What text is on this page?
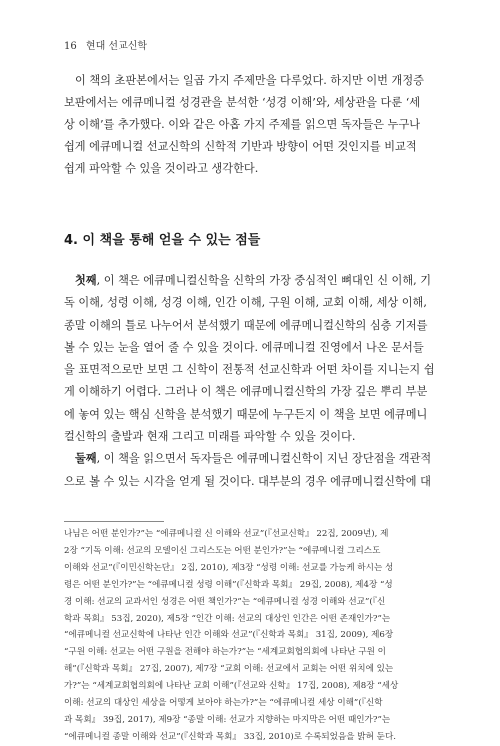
16 현대 선교신학
이 책의 초판본에서는 일곱 가지 주제만을 다루었다. 하지만 이번 개정증
보판에서는 에큐메니컬 성경관을 분석한 ‘성경 이해’와, 세상관을 다룬 ‘세
상 이해’를 추가했다. 이와 같은 아홉 가지 주제를 읽으면 독자들은 누구나
쉽게 에큐메니컬 선교신학의 신학적 기반과 방향이 어떤 것인지를 비교적
쉽게 파악할 수 있을 것이라고 생각한다.
4. 이 책을 통해 얻을 수 있는 점들
첫째, 이 책은 에큐메니컬신학을 신학의 가장 중심적인 뼈대인 신 이해, 기
독 이해, 성령 이해, 성경 이해, 인간 이해, 구원 이해, 교회 이해, 세상 이해,
종말 이해의 틀로 나누어서 분석했기 때문에 에큐메니컬신학의 심층 기저를
볼 수 있는 눈을 열어 줄 수 있을 것이다. 에큐메니컬 진영에서 나온 문서들
을 표면적으로만 보면 그 신학이 전통적 선교신학과 어떤 차이를 지니는지 쉽
게 이해하기 어렵다. 그러나 이 책은 에큐메니컬신학의 가장 깊은 뿌리 부분
에 놓여 있는 핵심 신학을 분석했기 때문에 누구든지 이 책을 보면 에큐메니
컬신학의 출발과 현재 그리고 미래를 파악할 수 있을 것이다.
둘째, 이 책을 읽으면서 독자들은 에큐메니컬신학이 지닌 장단점을 객관적
으로 볼 수 있는 시각을 얻게 될 것이다. 대부분의 경우 에큐메니컬신학에 대
나님은 어떤 분인가?”는 “에큐메니컬 신 이해와 선교”(『선교신학』 22집, 2009년), 제
2장 “기독 이해: 선교의 모델이신 그리스도는 어떤 분인가?”는 “에큐메니컬 그리스도
이해와 선교”(『이민신학논단』 2집, 2010), 제3장 “성령 이해: 선교를 가능케 하시는 성
령은 어떤 분인가?”는 “에큐메니컬 성령 이해”(『신학과 목회』 29집, 2008), 제4장 “성
경 이해: 선교의 교과서인 성경은 어떤 책인가?”는 “에큐메니컬 성경 이해와 선교”(『신
학과 목회』 53집, 2020), 제5장 “인간 이해: 선교의 대상인 인간은 어떤 존재인가?”는
“에큐메니컬 선교신학에 나타난 인간 이해와 선교”(『신학과 목회』 31집, 2009), 제6장
“구원 이해: 선교는 어떤 구원을 전해야 하는가?”는 “세계교회협의회에 나타난 구원 이
해”(『신학과 목회』 27집, 2007), 제7장 “교회 이해: 선교에서 교회는 어떤 위치에 있는
가?”는 “세계교회협의회에 나타난 교회 이해”(『선교와 신학』 17집, 2008), 제8장 “세상
이해: 선교의 대상인 세상을 어떻게 보아야 하는가?”는 “에큐메니컬 세상 이해”(『신학
과 목회』 39집, 2017), 제9장 “종말 이해: 선교가 지향하는 마지막은 어떤 때인가?”는
“에큐메니컬 종말 이해와 선교”(『신학과 목회』 33집, 2010)로 수록되었음을 밝혀 둔다.
